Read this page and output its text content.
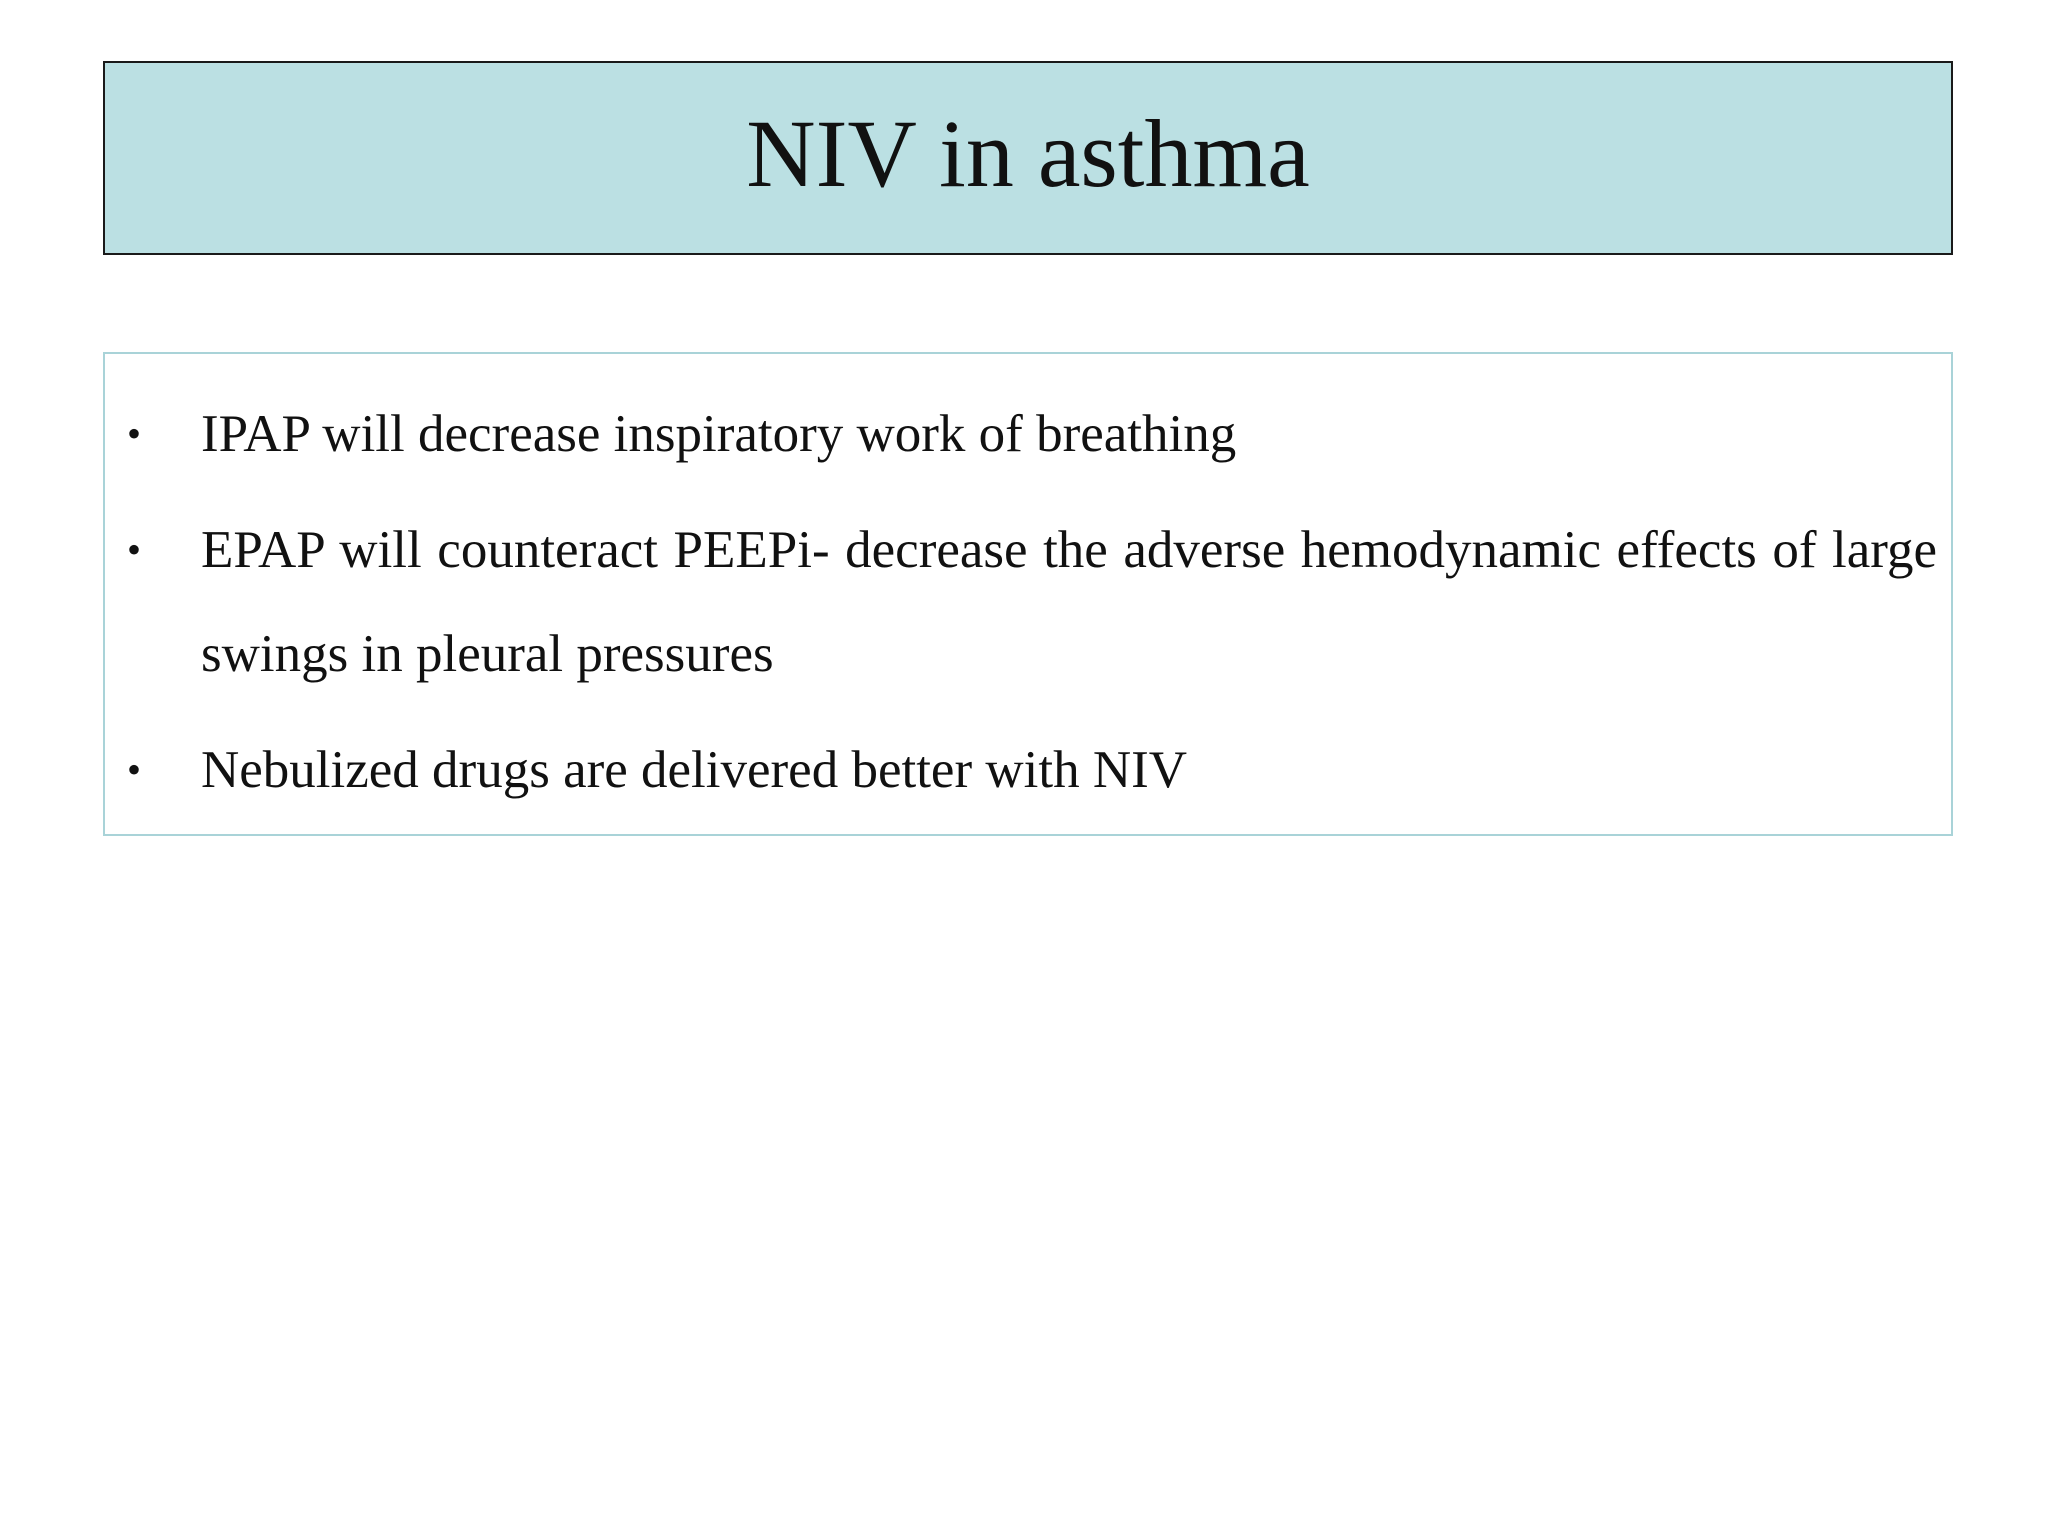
NIV in asthma
• IPAP will decrease inspiratory work of breathing
• EPAP will counteract PEEPi- decrease the adverse hemodynamic effects of large swings in pleural pressures
• Nebulized drugs are delivered better with NIV
